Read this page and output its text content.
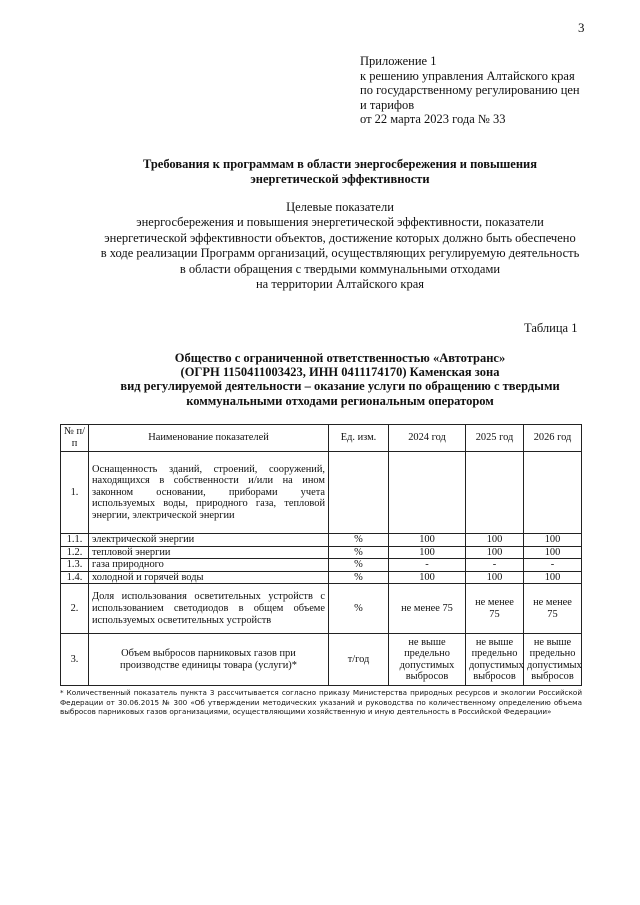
3
Приложение 1
к решению управления Алтайского края
по государственному регулированию цен
и тарифов
от 22 марта 2023 года № 33
Требования к программам в области энергосбережения и повышения
энергетической эффективности
Целевые показатели
энергосбережения и повышения энергетической эффективности, показатели
энергетической эффективности объектов, достижение которых должно быть обеспечено
в ходе реализации Программ организаций, осуществляющих регулируемую деятельность
в области обращения с твердыми коммунальными отходами
на территории Алтайского края
Таблица 1
Общество с ограниченной ответственностью «Автотранс»
(ОГРН 1150411003423, ИНН 0411174170) Каменская зона
вид регулируемой деятельности – оказание услуги по обращению с твердыми
коммунальными отходами региональным оператором
№ п/п	Наименование показателей	Ед. изм.	2024 год	2025 год	2026 год
1.	Оснащенность зданий, строений, сооружений, находящихся в собственности и/или на ином законном основании, приборами учета используемых воды, природного газа, тепловой энергии, электрической энергии				
1.1.	электрической энергии	%	100	100	100
1.2.	тепловой энергии	%	100	100	100
1.3.	газа природного	%	-	-	-
1.4.	холодной и горячей воды	%	100	100	100
2.	Доля использования осветительных устройств с использованием светодиодов в общем объеме используемых осветительных устройств	%	не менее 75	не менее 75	не менее 75
3.	Объем выбросов парниковых газов при производстве единицы товара (услуги)*	т/год	не выше предельно допустимых выбросов	не выше предельно допустимых выбросов	не выше предельно допустимых выбросов
* Количественный показатель пункта 3 рассчитывается согласно приказу Министерства природных ресурсов и экологии Российской Федерации от 30.06.2015 № 300 «Об утверждении методических указаний и руководства по количественному определению объема выбросов парниковых газов организациями, осуществляющими хозяйственную и иную деятельность в Российской Федерации»
